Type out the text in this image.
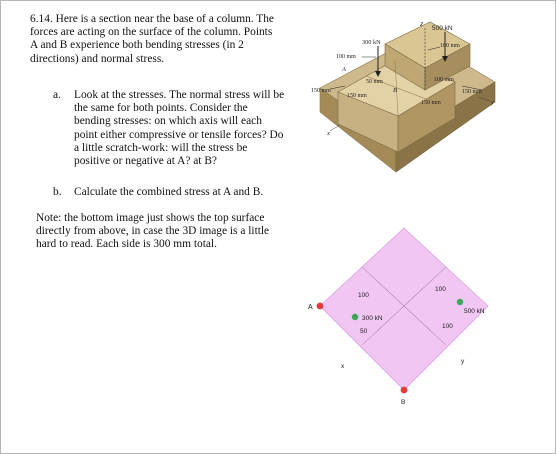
6.14. Here is a section near the base of a column. The forces are acting on the surface of the column. Points A and B experience both bending stresses (in 2 directions) and normal stress.
a. Look at the stresses. The normal stress will be the same for both points. Consider the bending stresses: on which axis will each point either compressive or tensile forces? Do a little scratch-work: will the stress be positive or negative at A? at B?
b. Calculate the combined stress at A and B.
Note: the bottom image just shows the top surface directly from above, in case the 3D image is a little hard to read. Each side is 300 mm total.
z
500 kN
300 kN	100 mm
100 mm
A
50 mm	100 mm
150 mm
150 mm
B
150 mm
150 mm
x
y
A
B
100
100
100
50
300 kN
500 kN
x
y
